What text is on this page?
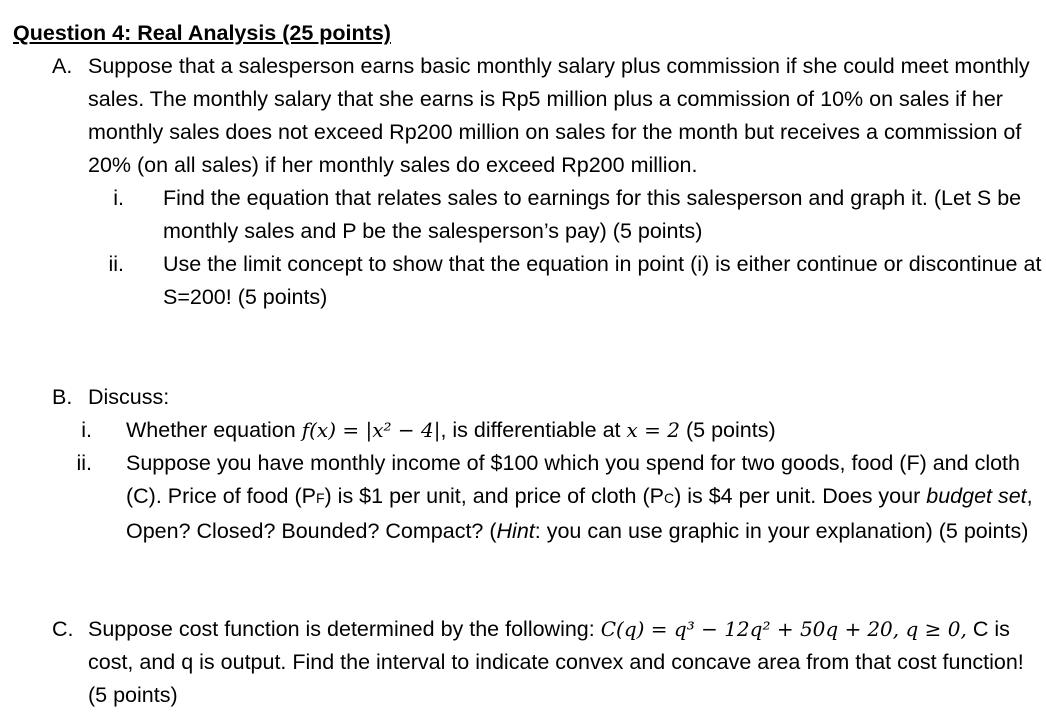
Question 4: Real Analysis (25 points)
A. Suppose that a salesperson earns basic monthly salary plus commission if she could meet monthly sales. The monthly salary that she earns is Rp5 million plus a commission of 10% on sales if her monthly sales does not exceed Rp200 million on sales for the month but receives a commission of 20% (on all sales) if her monthly sales do exceed Rp200 million.
i.	Find the equation that relates sales to earnings for this salesperson and graph it. (Let S be monthly sales and P be the salesperson’s pay) (5 points)
ii.	Use the limit concept to show that the equation in point (i) is either continue or discontinue at S=200! (5 points)
B. Discuss:
i.	Whether equation f(x) = |x² − 4|, is differentiable at x = 2 (5 points)
ii.	Suppose you have monthly income of $100 which you spend for two goods, food (F) and cloth (C). Price of food (PF) is $1 per unit, and price of cloth (PC) is $4 per unit. Does your budget set, Open? Closed? Bounded? Compact? (Hint: you can use graphic in your explanation) (5 points)
C. Suppose cost function is determined by the following: C(q) = q³ − 12q² + 50q + 20, q ≥ 0, C is cost, and q is output. Find the interval to indicate convex and concave area from that cost function! (5 points)
